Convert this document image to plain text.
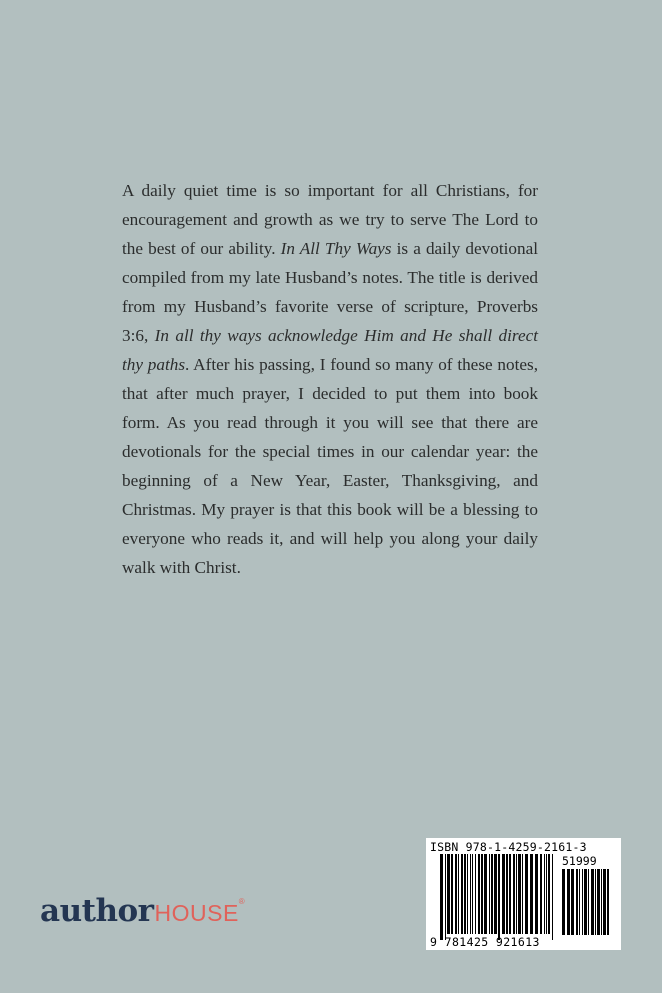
A daily quiet time is so important for all Christians, for encouragement and growth as we try to serve The Lord to the best of our ability. In All Thy Ways is a daily devotional compiled from my late Husband’s notes. The title is derived from my Husband’s favorite verse of scripture, Proverbs 3:6, In all thy ways acknowledge Him and He shall direct thy paths. After his passing, I found so many of these notes, that after much prayer, I decided to put them into book form. As you read through it you will see that there are devotionals for the special times in our calendar year: the beginning of a New Year, Easter, Thanksgiving, and Christmas. My prayer is that this book will be a blessing to everyone who reads it, and will help you along your daily walk with Christ.

authorHOUSE®
ISBN 978-1-4259-2161-3
51999
9 781425 921613
